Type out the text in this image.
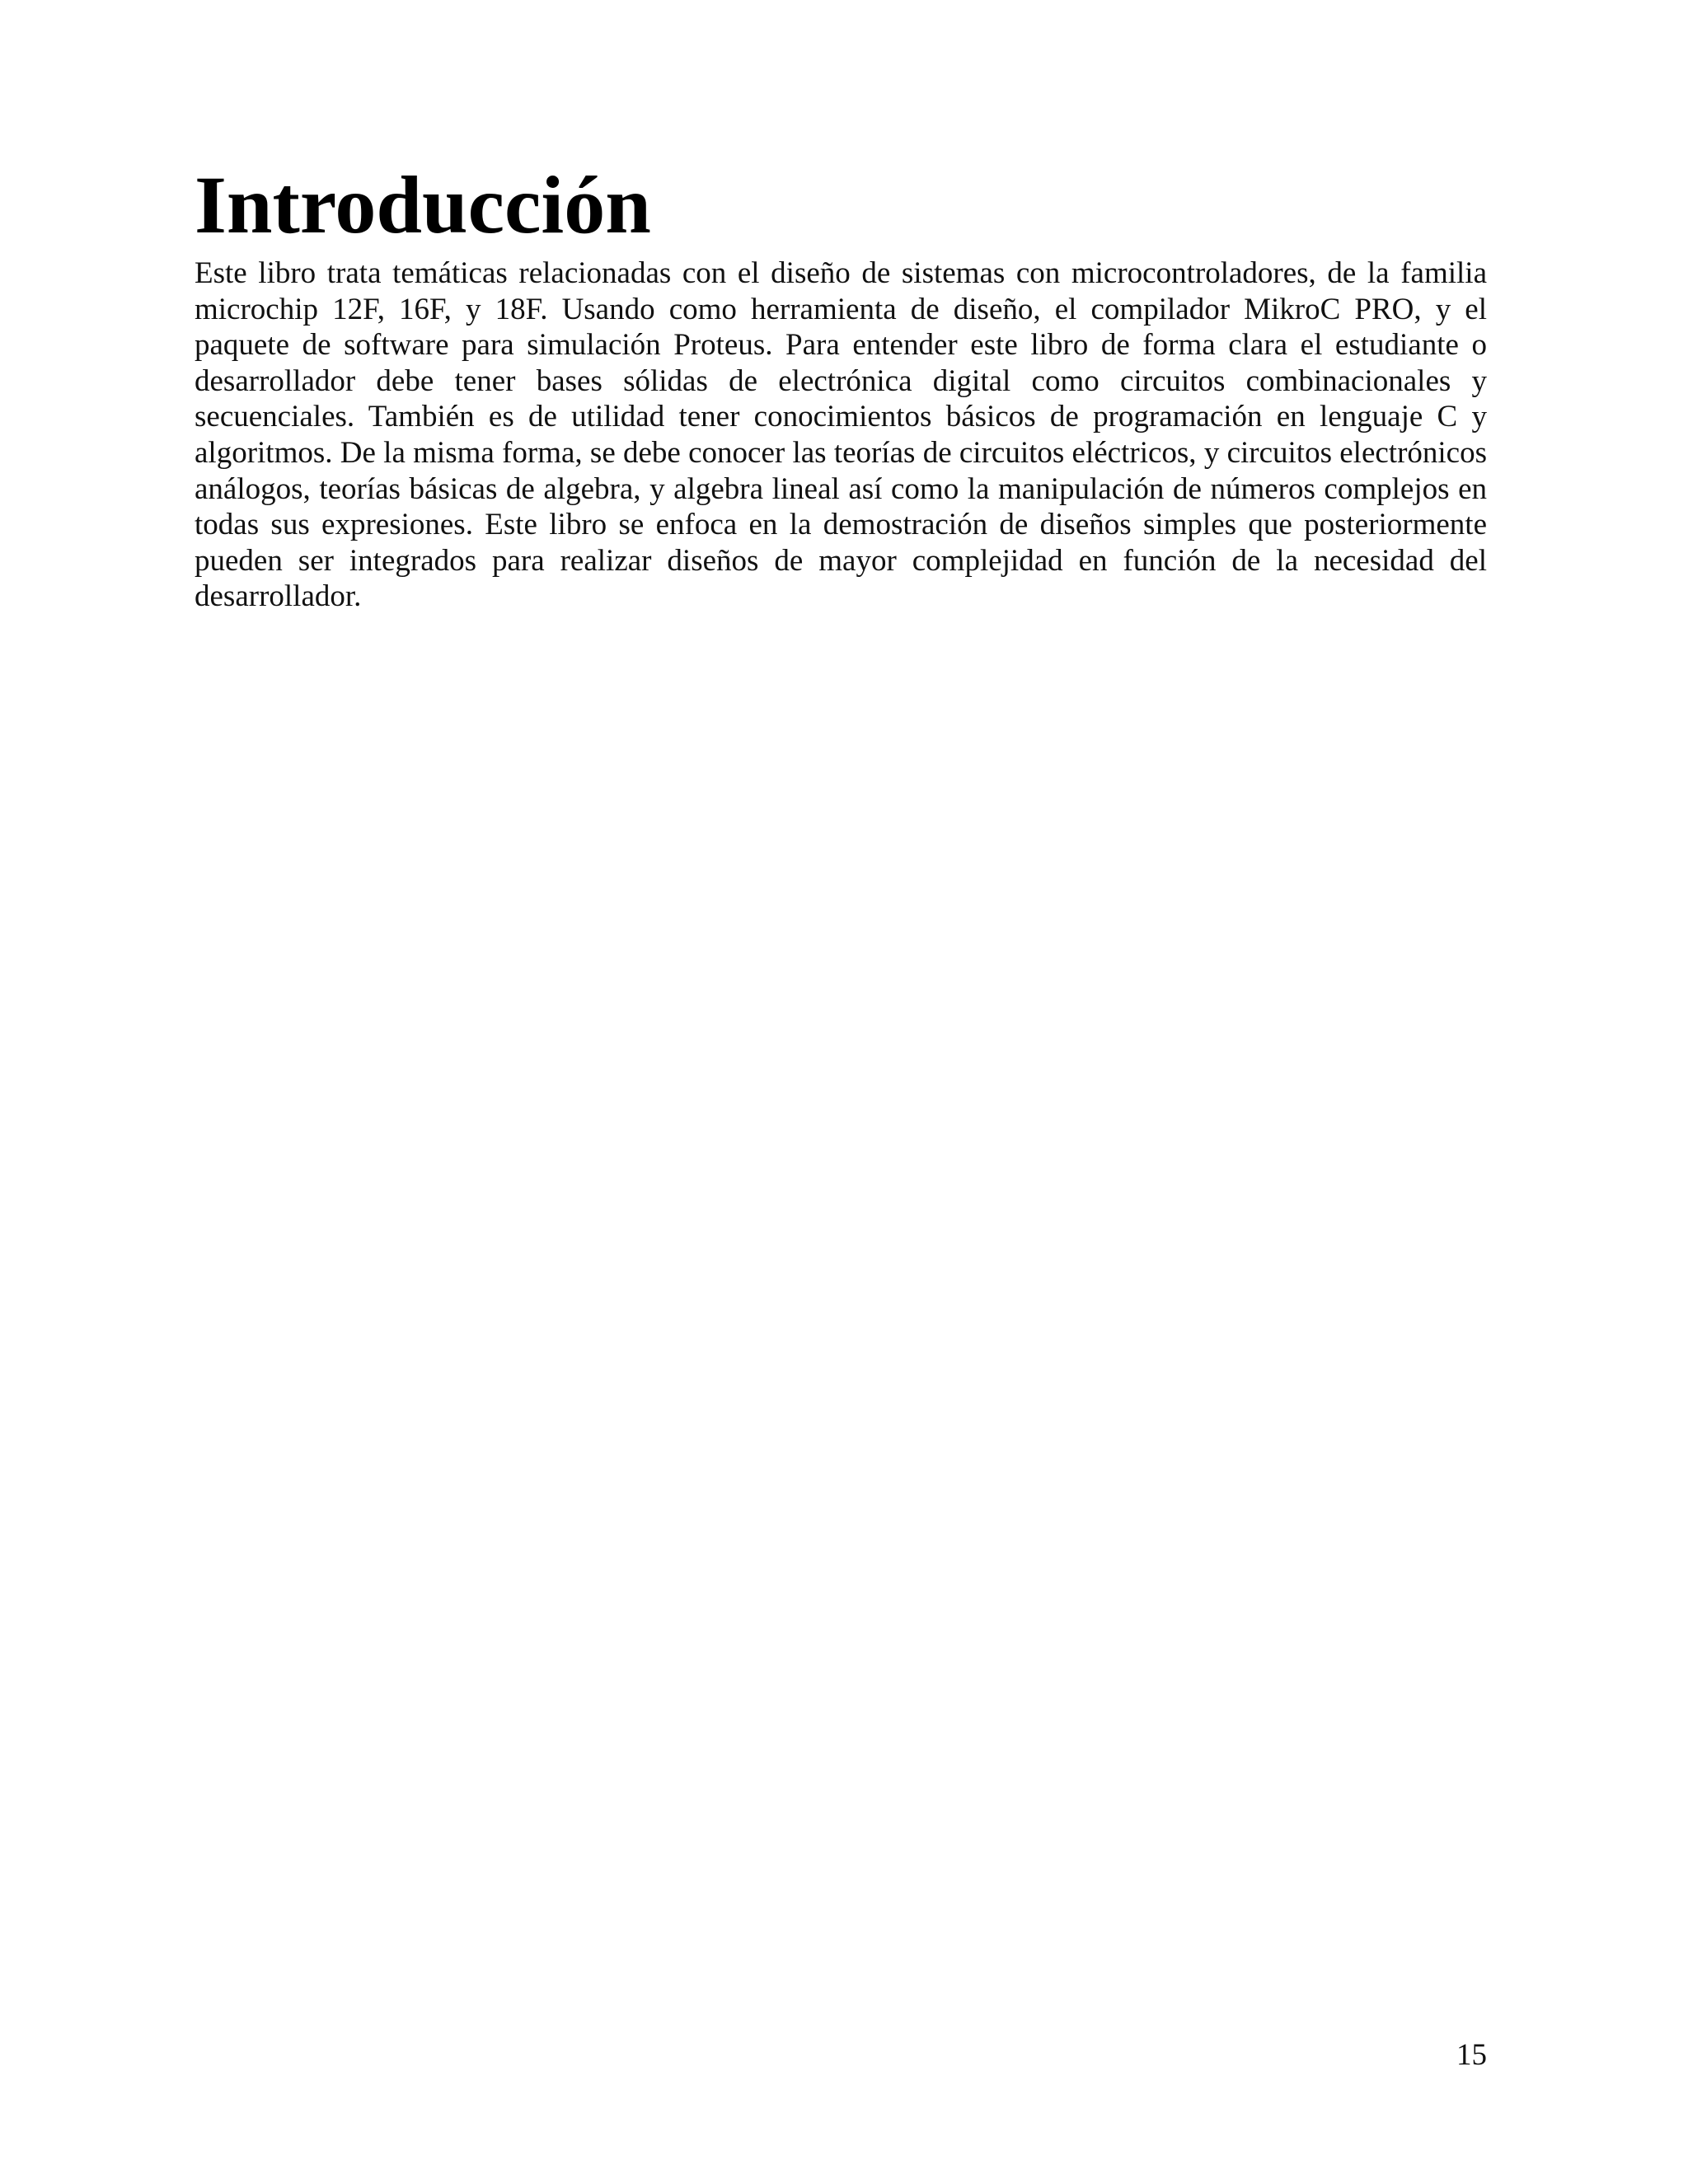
Introducción

Este libro trata temáticas relacionadas con el diseño de sistemas con microcontroladores, de la familia microchip 12F, 16F, y 18F. Usando como herramienta de diseño, el compilador MikroC PRO, y el paquete de software para simulación Proteus. Para entender este libro de forma clara el estudiante o desarrollador debe tener bases sólidas de electrónica digital como circuitos combinacionales y secuenciales. También es de utilidad tener conocimientos básicos de programación en lenguaje C y algoritmos. De la misma forma, se debe conocer las teorías de circuitos eléctricos, y circuitos electrónicos análogos, teorías básicas de algebra, y algebra lineal así como la manipulación de números complejos en todas sus expresiones. Este libro se enfoca en la demostración de diseños simples que posteriormente pueden ser integrados para realizar diseños de mayor complejidad en función de la necesidad del desarrollador.

15
